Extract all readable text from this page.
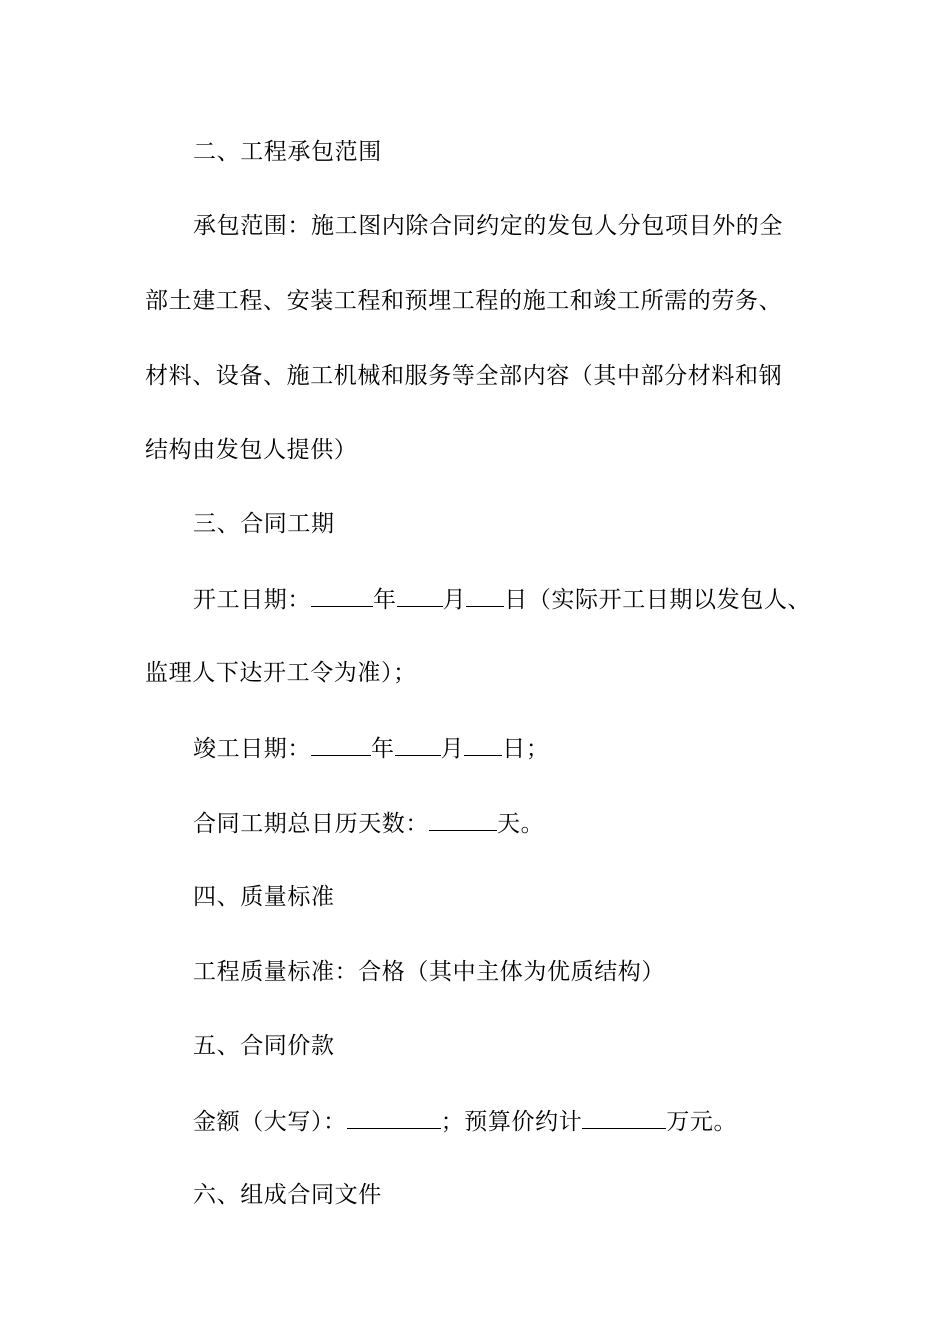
二、工程承包范围
承包范围：施工图内除合同约定的发包人分包项目外的全
部土建工程、安装工程和预埋工程的施工和竣工所需的劳务、
材料、设备、施工机械和服务等全部内容（其中部分材料和钢
结构由发包人提供）
三、合同工期
开工日期：	年 月 日（实际开工日期以发包人、
监理人下达开工令为准）；
竣工日期：	年 月 日；
合同工期总日历天数：	天。
四、质量标准
工程质量标准：合格（其中主体为优质结构）
五、合同价款
金额（大写）：	；预算价约计	万元。
六、组成合同文件
